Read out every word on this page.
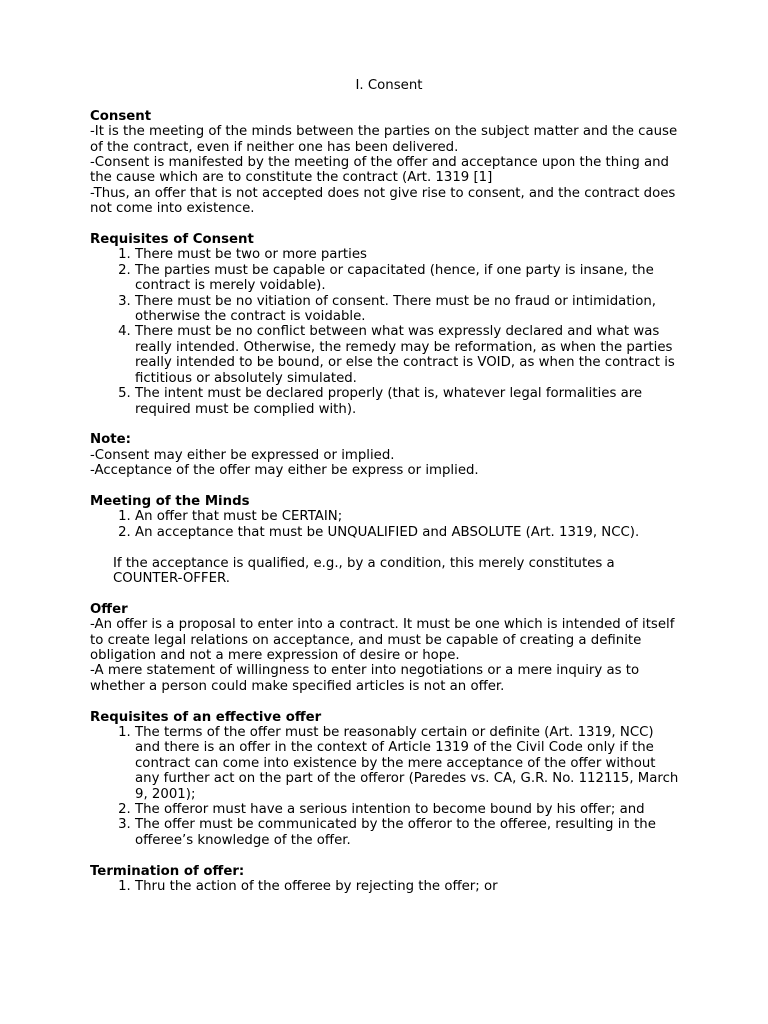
I. Consent

Consent

-It is the meeting of the minds between the parties on the subject matter and the cause of the contract, even if neither one has been delivered.

-Consent is manifested by the meeting of the offer and acceptance upon the thing and the cause which are to constitute the contract (Art. 1319 [1]

-Thus, an offer that is not accepted does not give rise to consent, and the contract does not come into existence.

Requisites of Consent

1. There must be two or more parties
2. The parties must be capable or capacitated (hence, if one party is insane, the contract is merely voidable).
3. There must be no vitiation of consent. There must be no fraud or intimidation, otherwise the contract is voidable.
4. There must be no conflict between what was expressly declared and what was really intended. Otherwise, the remedy may be reformation, as when the parties really intended to be bound, or else the contract is VOID, as when the contract is fictitious or absolutely simulated.
5. The intent must be declared properly (that is, whatever legal formalities are required must be complied with).

Note:

-Consent may either be expressed or implied.

-Acceptance of the offer may either be express or implied.

Meeting of the Minds

1. An offer that must be CERTAIN;
2. An acceptance that must be UNQUALIFIED and ABSOLUTE (Art. 1319, NCC).

If the acceptance is qualified, e.g., by a condition, this merely constitutes a COUNTER-OFFER.

Offer

-An offer is a proposal to enter into a contract. It must be one which is intended of itself to create legal relations on acceptance, and must be capable of creating a definite obligation and not a mere expression of desire or hope.

-A mere statement of willingness to enter into negotiations or a mere inquiry as to whether a person could make specified articles is not an offer.

Requisites of an effective offer

1. The terms of the offer must be reasonably certain or definite (Art. 1319, NCC) and there is an offer in the context of Article 1319 of the Civil Code only if the contract can come into existence by the mere acceptance of the offer without any further act on the part of the offeror (Paredes vs. CA, G.R. No. 112115, March 9, 2001);
2. The offeror must have a serious intention to become bound by his offer; and
3. The offer must be communicated by the offeror to the offeree, resulting in the offeree’s knowledge of the offer.

Termination of offer:

1. Thru the action of the offeree by rejecting the offer; or
